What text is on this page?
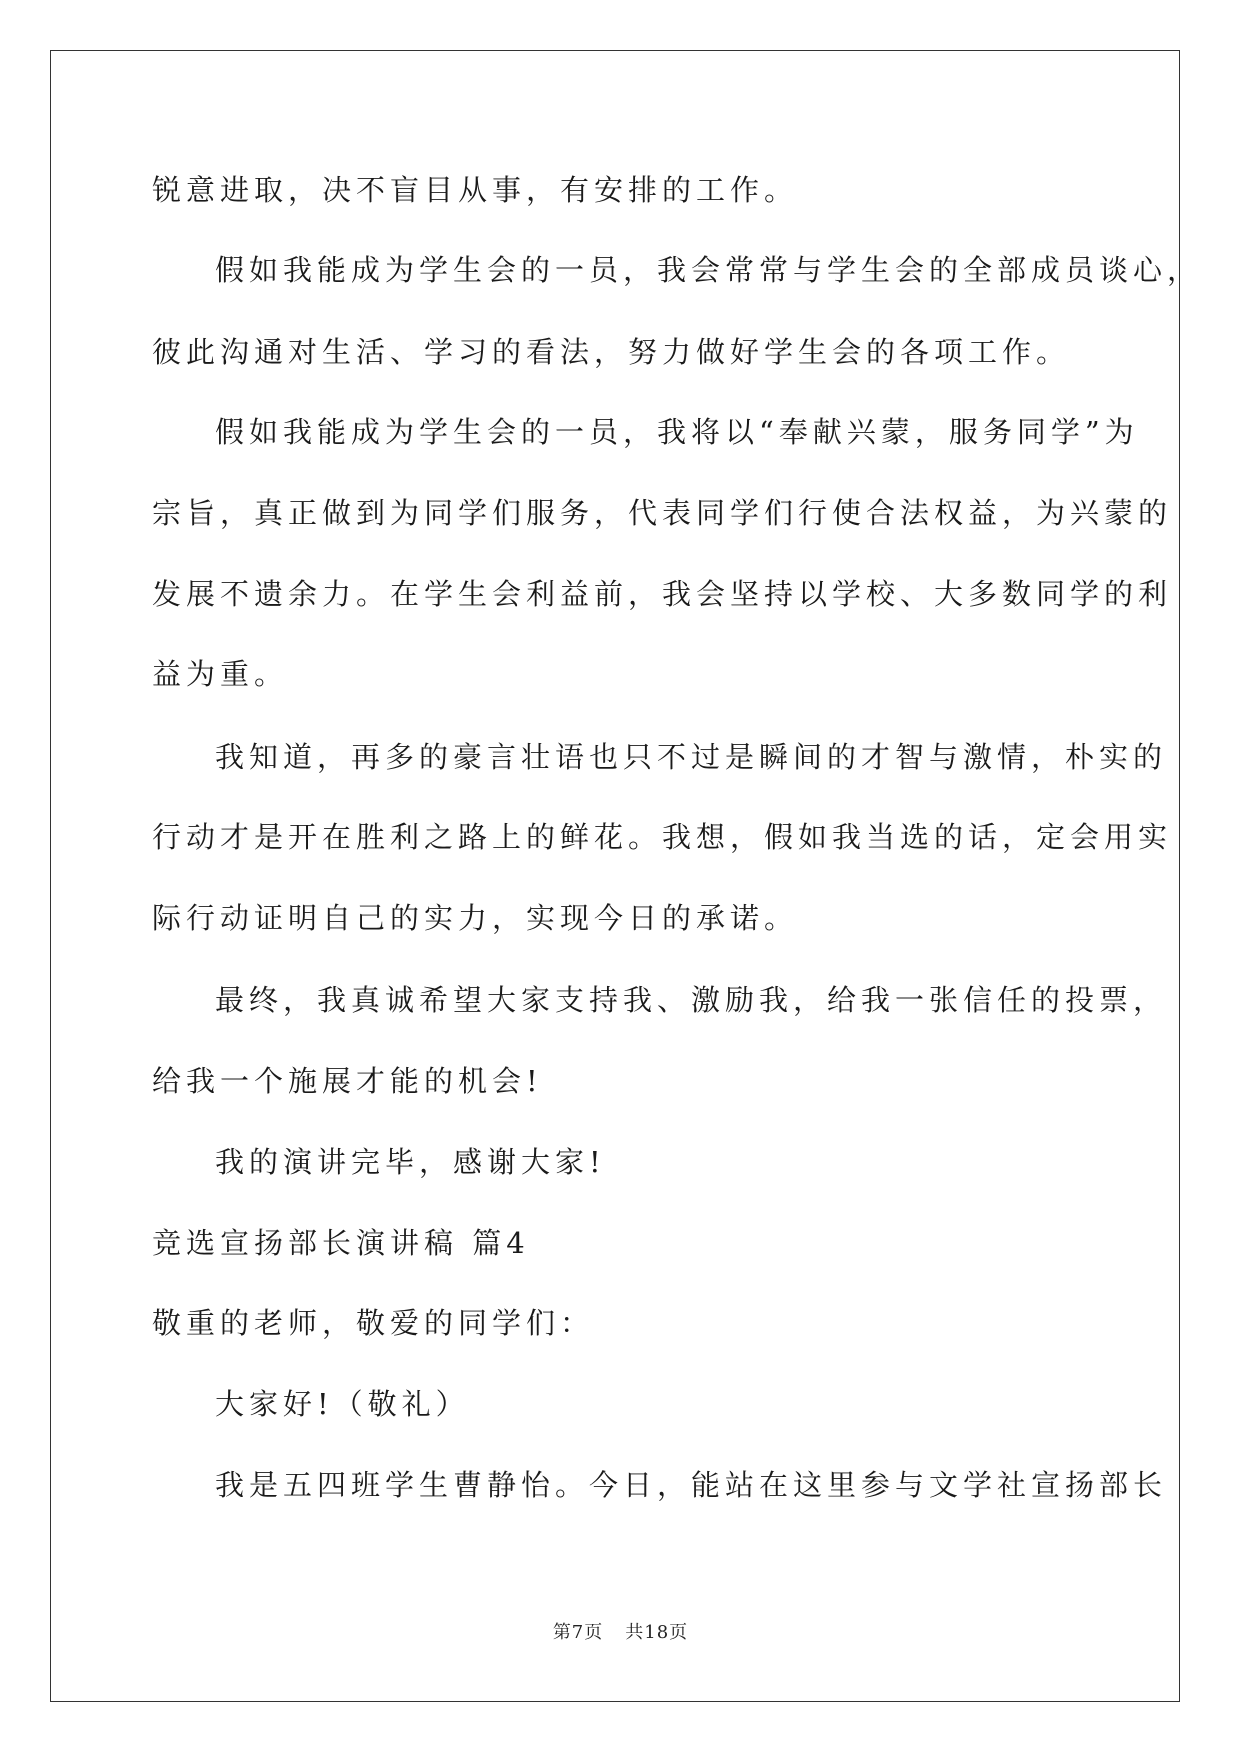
锐意进取，决不盲目从事，有安排的工作。

假如我能成为学生会的一员，我会常常与学生会的全部成员谈心，

彼此沟通对生活、学习的看法，努力做好学生会的各项工作。

假如我能成为学生会的一员，我将以“奉献兴蒙，服务同学”为

宗旨，真正做到为同学们服务，代表同学们行使合法权益，为兴蒙的

发展不遗余力。在学生会利益前，我会坚持以学校、大多数同学的利

益为重。

我知道，再多的豪言壮语也只不过是瞬间的才智与激情，朴实的

行动才是开在胜利之路上的鲜花。我想，假如我当选的话，定会用实

际行动证明自己的实力，实现今日的承诺。

最终，我真诚希望大家支持我、激励我，给我一张信任的投票，

给我一个施展才能的机会!

我的演讲完毕，感谢大家!

竞选宣扬部长演讲稿 篇4

敬重的老师，敬爱的同学们：

大家好!（敬礼）

我是五四班学生曹静怡。今日，能站在这里参与文学社宣扬部长

第7页 共18页
